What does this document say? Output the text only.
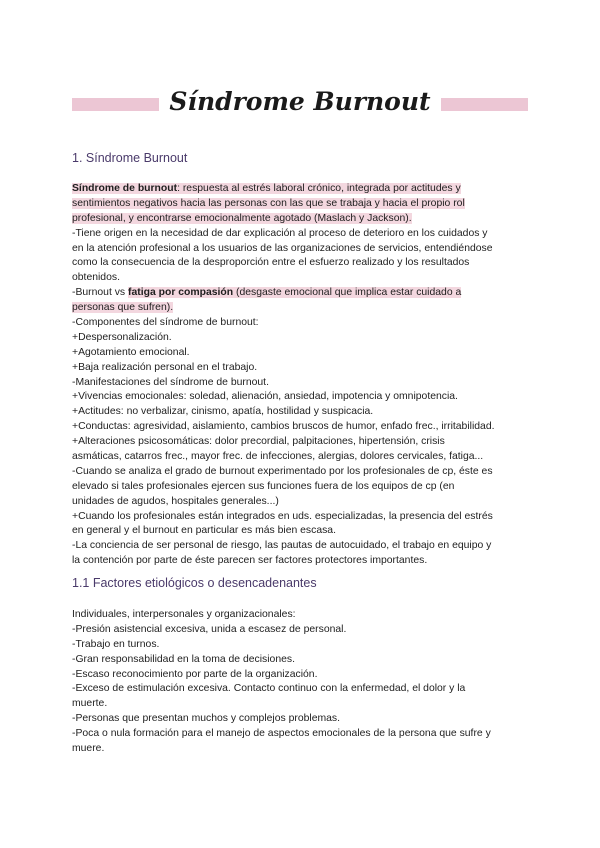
Síndrome Burnout
1. Síndrome Burnout
Síndrome de burnout: respuesta al estrés laboral crónico, integrada por actitudes y
sentimientos negativos hacia las personas con las que se trabaja y hacia el propio rol
profesional, y encontrarse emocionalmente agotado (Maslach y Jackson).
-Tiene origen en la necesidad de dar explicación al proceso de deterioro en los cuidados y
en la atención profesional a los usuarios de las organizaciones de servicios, entendiéndose
como la consecuencia de la desproporción entre el esfuerzo realizado y los resultados
obtenidos.
-Burnout vs fatiga por compasión (desgaste emocional que implica estar cuidado a
personas que sufren).
-Componentes del síndrome de burnout:
+Despersonalización.
+Agotamiento emocional.
+Baja realización personal en el trabajo.
-Manifestaciones del síndrome de burnout.
+Vivencias emocionales: soledad, alienación, ansiedad, impotencia y omnipotencia.
+Actitudes: no verbalizar, cinismo, apatía, hostilidad y suspicacia.
+Conductas: agresividad, aislamiento, cambios bruscos de humor, enfado frec., irritabilidad.
+Alteraciones psicosomáticas: dolor precordial, palpitaciones, hipertensión, crisis
asmáticas, catarros frec., mayor frec. de infecciones, alergias, dolores cervicales, fatiga...
-Cuando se analiza el grado de burnout experimentado por los profesionales de cp, éste es
elevado si tales profesionales ejercen sus funciones fuera de los equipos de cp (en
unidades de agudos, hospitales generales...)
+Cuando los profesionales están integrados en uds. especializadas, la presencia del estrés
en general y el burnout en particular es más bien escasa.
-La conciencia de ser personal de riesgo, las pautas de autocuidado, el trabajo en equipo y
la contención por parte de éste parecen ser factores protectores importantes.
1.1 Factores etiológicos o desencadenantes
Individuales, interpersonales y organizacionales:
-Presión asistencial excesiva, unida a escasez de personal.
-Trabajo en turnos.
-Gran responsabilidad en la toma de decisiones.
-Escaso reconocimiento por parte de la organización.
-Exceso de estimulación excesiva. Contacto continuo con la enfermedad, el dolor y la
muerte.
-Personas que presentan muchos y complejos problemas.
-Poca o nula formación para el manejo de aspectos emocionales de la persona que sufre y
muere.
